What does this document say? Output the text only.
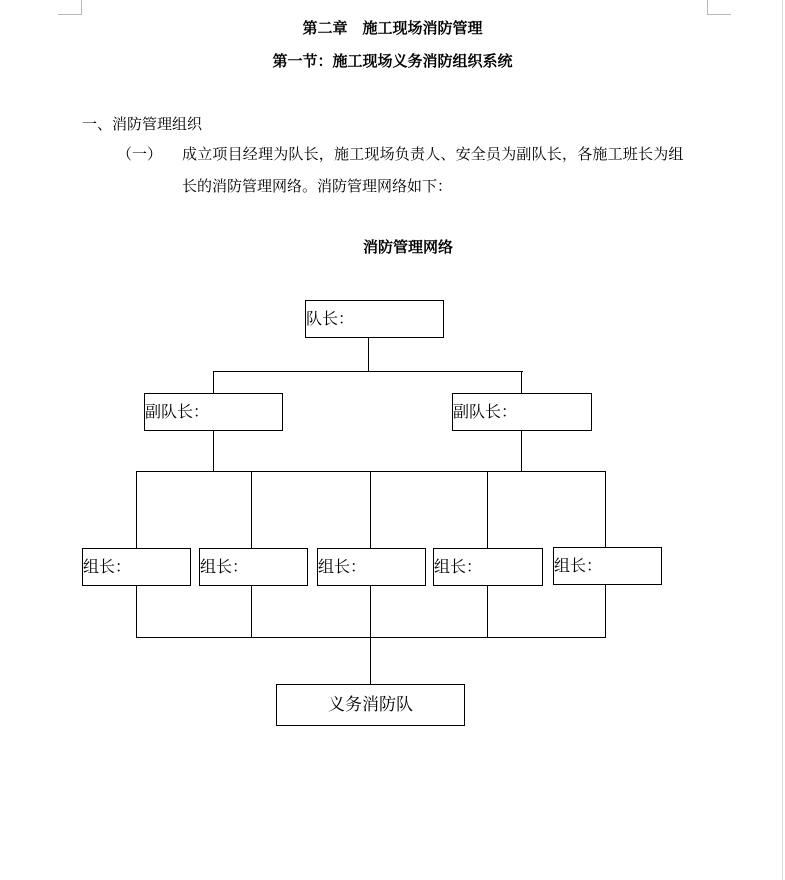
第二章　施工现场消防管理
第一节：施工现场义务消防组织系统
一、消防管理组织
（一） 成立项目经理为队长，施工现场负责人、安全员为副队长，各施工班长为组
长的消防管理网络。消防管理网络如下：
消防管理网络
队长：
副队长：	副队长：
组长：	组长：	组长：	组长：	组长：
义务消防队
